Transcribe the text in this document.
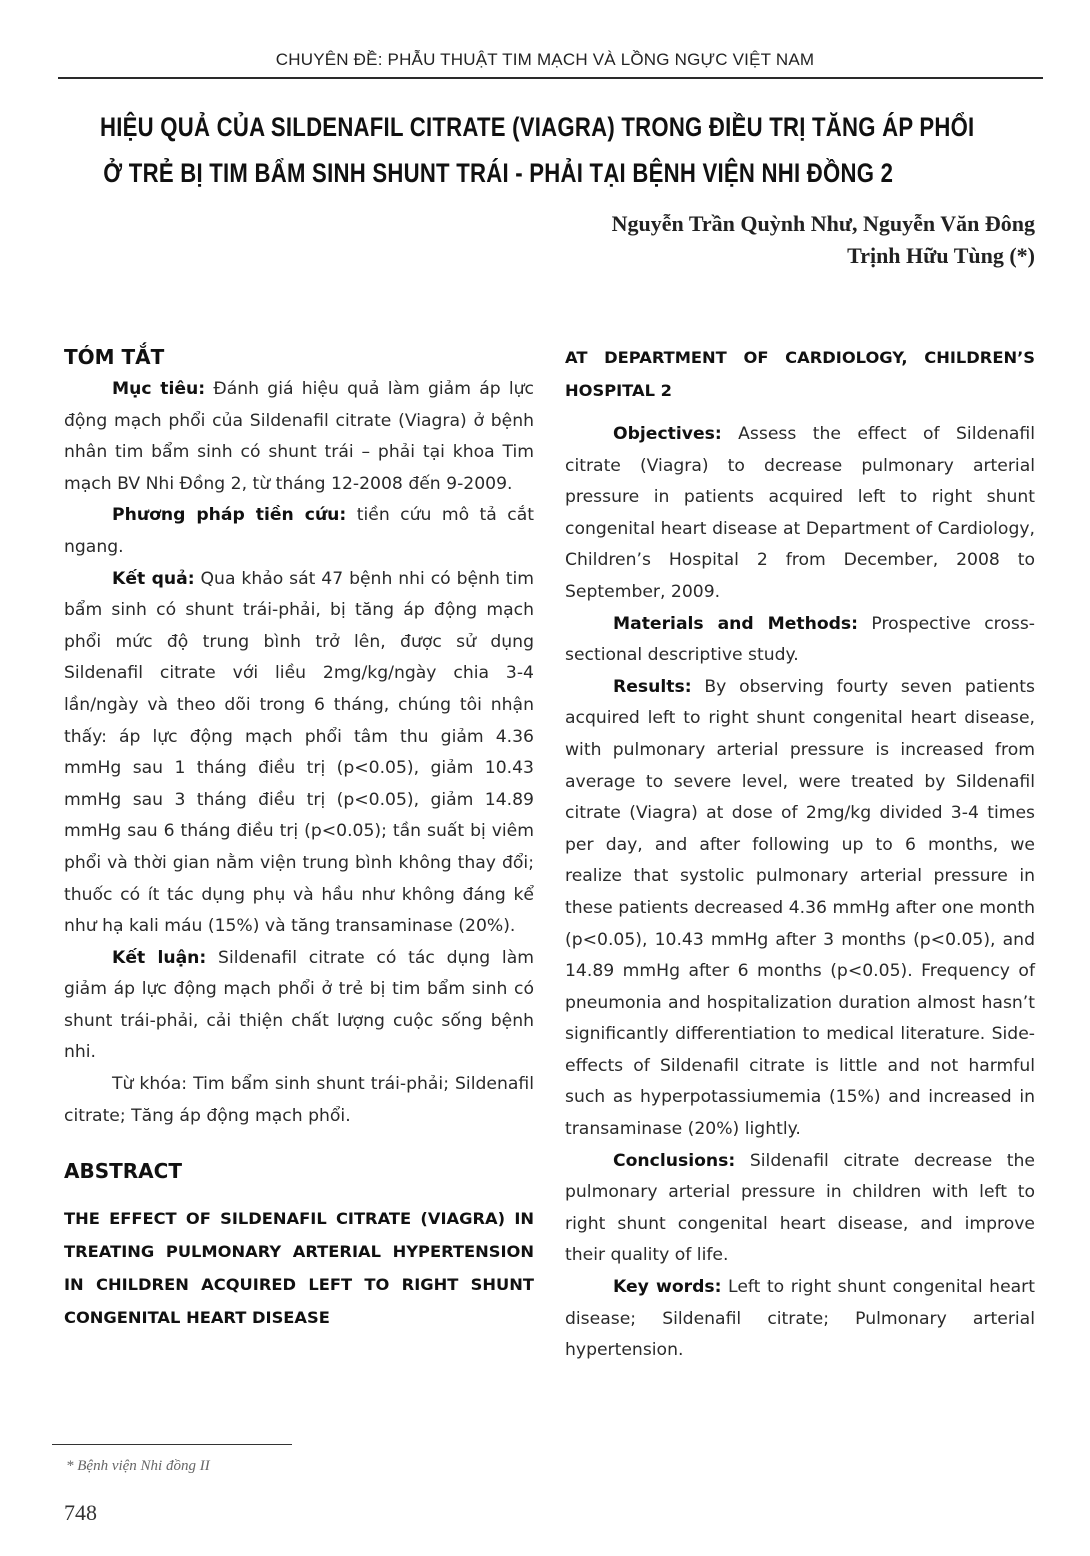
CHUYÊN ĐỀ: PHẪU THUẬT TIM MẠCH VÀ LỒNG NGỰC VIỆT NAM
HIỆU QUẢ CỦA SILDENAFIL CITRATE (VIAGRA) TRONG ĐIỀU TRỊ TĂNG ÁP PHỔI
Ở TRẺ BỊ TIM BẨM SINH SHUNT TRÁI - PHẢI TẠI BỆNH VIỆN NHI ĐỒNG 2
Nguyễn Trần Quỳnh Như, Nguyễn Văn Đông
Trịnh Hữu Tùng (*)
TÓM TẮT

Mục tiêu: Đánh giá hiệu quả làm giảm áp lực động mạch phổi của Sildenafil citrate (Viagra) ở bệnh nhân tim bẩm sinh có shunt trái – phải tại khoa Tim mạch BV Nhi Đồng 2, từ tháng 12-2008 đến 9-2009.

Phương pháp tiền cứu: tiền cứu mô tả cắt ngang.

Kết quả: Qua khảo sát 47 bệnh nhi có bệnh tim bẩm sinh có shunt trái-phải, bị tăng áp động mạch phổi mức độ trung bình trở lên, được sử dụng Sildenafil citrate với liều 2mg/kg/ngày chia 3-4 lần/ngày và theo dõi trong 6 tháng, chúng tôi nhận thấy: áp lực động mạch phổi tâm thu giảm 4.36 mmHg sau 1 tháng điều trị (p<0.05), giảm 10.43 mmHg sau 3 tháng điều trị (p<0.05), giảm 14.89 mmHg sau 6 tháng điều trị (p<0.05); tần suất bị viêm phổi và thời gian nằm viện trung bình không thay đổi; thuốc có ít tác dụng phụ và hầu như không đáng kể như hạ kali máu (15%) và tăng transaminase (20%).

Kết luận: Sildenafil citrate có tác dụng làm giảm áp lực động mạch phổi ở trẻ bị tim bẩm sinh có shunt trái-phải, cải thiện chất lượng cuộc sống bệnh nhi.

Từ khóa: Tim bẩm sinh shunt trái-phải; Sildenafil citrate; Tăng áp động mạch phổi.

ABSTRACT

THE EFFECT OF SILDENAFIL CITRATE (VIAGRA) IN TREATING PULMONARY ARTERIAL HYPERTENSION IN CHILDREN ACQUIRED LEFT TO RIGHT SHUNT CONGENITAL HEART DISEASE

AT DEPARTMENT OF CARDIOLOGY, CHILDREN’S HOSPITAL 2

Objectives: Assess the effect of Sildenafil citrate (Viagra) to decrease pulmonary arterial pressure in patients acquired left to right shunt congenital heart disease at Department of Cardiology, Children’s Hospital 2 from December, 2008 to September, 2009.

Materials and Methods: Prospective cross-sectional descriptive study.

Results: By observing fourty seven patients acquired left to right shunt congenital heart disease, with pulmonary arterial pressure is increased from average to severe level, were treated by Sildenafil citrate (Viagra) at dose of 2mg/kg divided 3-4 times per day, and after following up to 6 months, we realize that systolic pulmonary arterial pressure in these patients decreased 4.36 mmHg after one month (p<0.05), 10.43 mmHg after 3 months (p<0.05), and 14.89 mmHg after 6 months (p<0.05). Frequency of pneumonia and hospitalization duration almost hasn’t significantly differentiation to medical literature. Side-effects of Sildenafil citrate is little and not harmful such as hyperpotassiumemia (15%) and increased in transaminase (20%) lightly.

Conclusions: Sildenafil citrate decrease the pulmonary arterial pressure in children with left to right shunt congenital heart disease, and improve their quality of life.

Key words: Left to right shunt congenital heart disease; Sildenafil citrate; Pulmonary arterial hypertension.

* Bệnh viện Nhi đồng II
748
